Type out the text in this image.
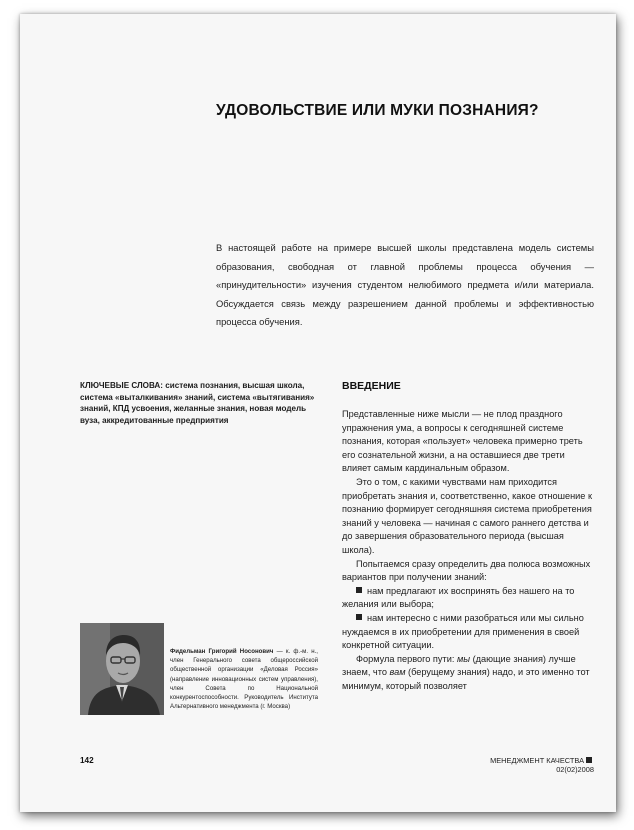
УДОВОЛЬСТВИЕ ИЛИ МУКИ ПОЗНАНИЯ?
В настоящей работе на примере высшей школы представлена модель системы образования, свободная от главной проблемы процесса обучения — «принудительности» изучения студентом нелюбимого предмета и/или материала. Обсуждается связь между разрешением данной проблемы и эффективностью процесса обучения.
КЛЮЧЕВЫЕ СЛОВА: система познания, высшая школа, система «выталкивания» знаний, система «вытягивания» знаний, КПД усвоения, желанные знания, новая модель вуза, аккредитованные предприятия
ВВЕДЕНИЕ

Представленные ниже мысли — не плод праздного упражнения ума, а вопросы к сегодняшней системе познания, которая «пользует» человека примерно треть его сознательной жизни, а на оставшиеся две трети влияет самым кардинальным образом.

Это о том, с какими чувствами нам приходится приобретать знания и, соответственно, какое отношение к познанию формирует сегодняшняя система приобретения знаний у человека — начиная с самого раннего детства и до завершения образовательного периода (высшая школа).

Попытаемся сразу определить два полюса возможных вариантов при получении знаний:

нам предлагают их воспринять без нашего на то желания или выбора;

нам интересно с ними разобраться или мы сильно нуждаемся в их приобретении для применения в своей конкретной ситуации.

Формула первого пути: мы (дающие знания) лучше знаем, что вам (берущему знания) надо, и это именно тот минимум, который позволяет

Фидельман Григорий Носонович — к. ф.-м. н., член Генерального совета общероссийской общественной организации «Деловая Россия» (направление инновационных систем управления), член Совета по Национальной конкурентоспособности. Руководитель Института Альтернативного менеджмента (г. Москва)
142	МЕНЕДЖМЕНТ КАЧЕСТВА02(02)2008
